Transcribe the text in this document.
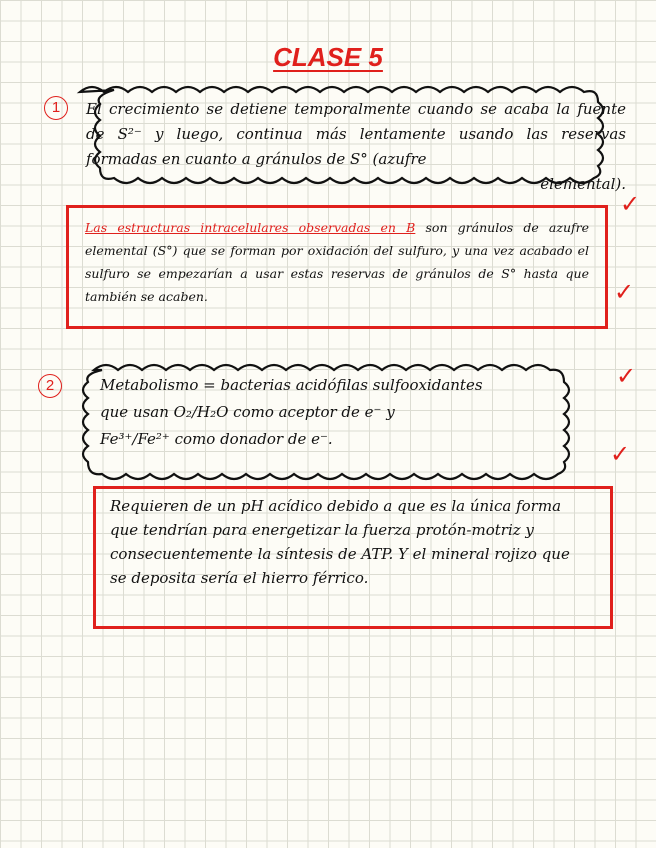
CLASE 5
1	El crecimiento se detiene temporalmente cuando se acaba la fuente de S²⁻ y luego, continua más lentamente usando las reservas formadas en cuanto a gránulos de S° (azufre
elemental).
✓
Las estructuras intracelulares observadas en B son gránulos de azufre elemental (S°) que se forman por oxidación del sulfuro, y una vez acabado el sulfuro se empezarían a usar estas reservas de gránulos de S° hasta que también se acaben.	✓
2	Metabolismo = bacterias acidófilas sulfooxidantes
que usan O₂/H₂O como aceptor de e⁻ y
Fe³⁺/Fe²⁺ como donador de e⁻.
✓
✓
Requieren de un pH acídico debido a que es la única forma que tendrían para energetizar la fuerza protón-motriz y consecuentemente la síntesis de ATP. Y el mineral rojizo que se deposita sería el hierro férrico.
